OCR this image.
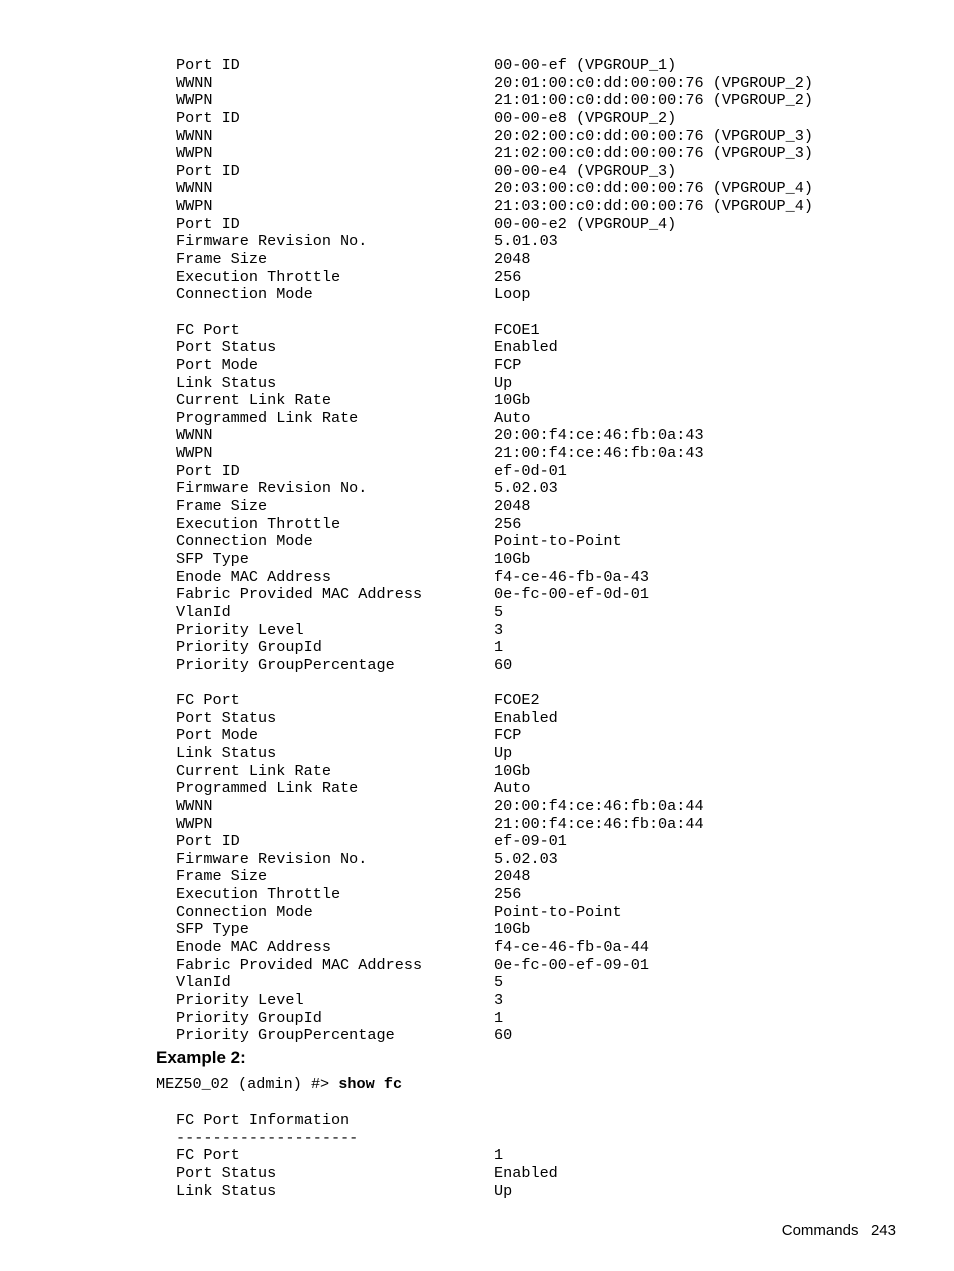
Port ID	00-00-ef (VPGROUP_1)
WWNN	20:01:00:c0:dd:00:00:76 (VPGROUP_2)
WWPN	21:01:00:c0:dd:00:00:76 (VPGROUP_2)
Port ID	00-00-e8 (VPGROUP_2)
WWNN	20:02:00:c0:dd:00:00:76 (VPGROUP_3)
WWPN	21:02:00:c0:dd:00:00:76 (VPGROUP_3)
Port ID	00-00-e4 (VPGROUP_3)
WWNN	20:03:00:c0:dd:00:00:76 (VPGROUP_4)
WWPN	21:03:00:c0:dd:00:00:76 (VPGROUP_4)
Port ID	00-00-e2 (VPGROUP_4)
Firmware Revision No.	5.01.03
Frame Size	2048
Execution Throttle	256
Connection Mode	Loop
FC Port	FCOE1
Port Status	Enabled
Port Mode	FCP
Link Status	Up
Current Link Rate	10Gb
Programmed Link Rate	Auto
WWNN	20:00:f4:ce:46:fb:0a:43
WWPN	21:00:f4:ce:46:fb:0a:43
Port ID	ef-0d-01
Firmware Revision No.	5.02.03
Frame Size	2048
Execution Throttle	256
Connection Mode	Point-to-Point
SFP Type	10Gb
Enode MAC Address	f4-ce-46-fb-0a-43
Fabric Provided MAC Address	0e-fc-00-ef-0d-01
VlanId	5
Priority Level	3
Priority GroupId	1
Priority GroupPercentage	60
FC Port	FCOE2
Port Status	Enabled
Port Mode	FCP
Link Status	Up
Current Link Rate	10Gb
Programmed Link Rate	Auto
WWNN	20:00:f4:ce:46:fb:0a:44
WWPN	21:00:f4:ce:46:fb:0a:44
Port ID	ef-09-01
Firmware Revision No.	5.02.03
Frame Size	2048
Execution Throttle	256
Connection Mode	Point-to-Point
SFP Type	10Gb
Enode MAC Address	f4-ce-46-fb-0a-44
Fabric Provided MAC Address	0e-fc-00-ef-09-01
VlanId	5
Priority Level	3
Priority GroupId	1
Priority GroupPercentage	60
Example 2:
MEZ50_02 (admin) #> show fc
FC Port Information
--------------------
FC Port	1
Port Status	Enabled
Link Status	Up
Commands 243
